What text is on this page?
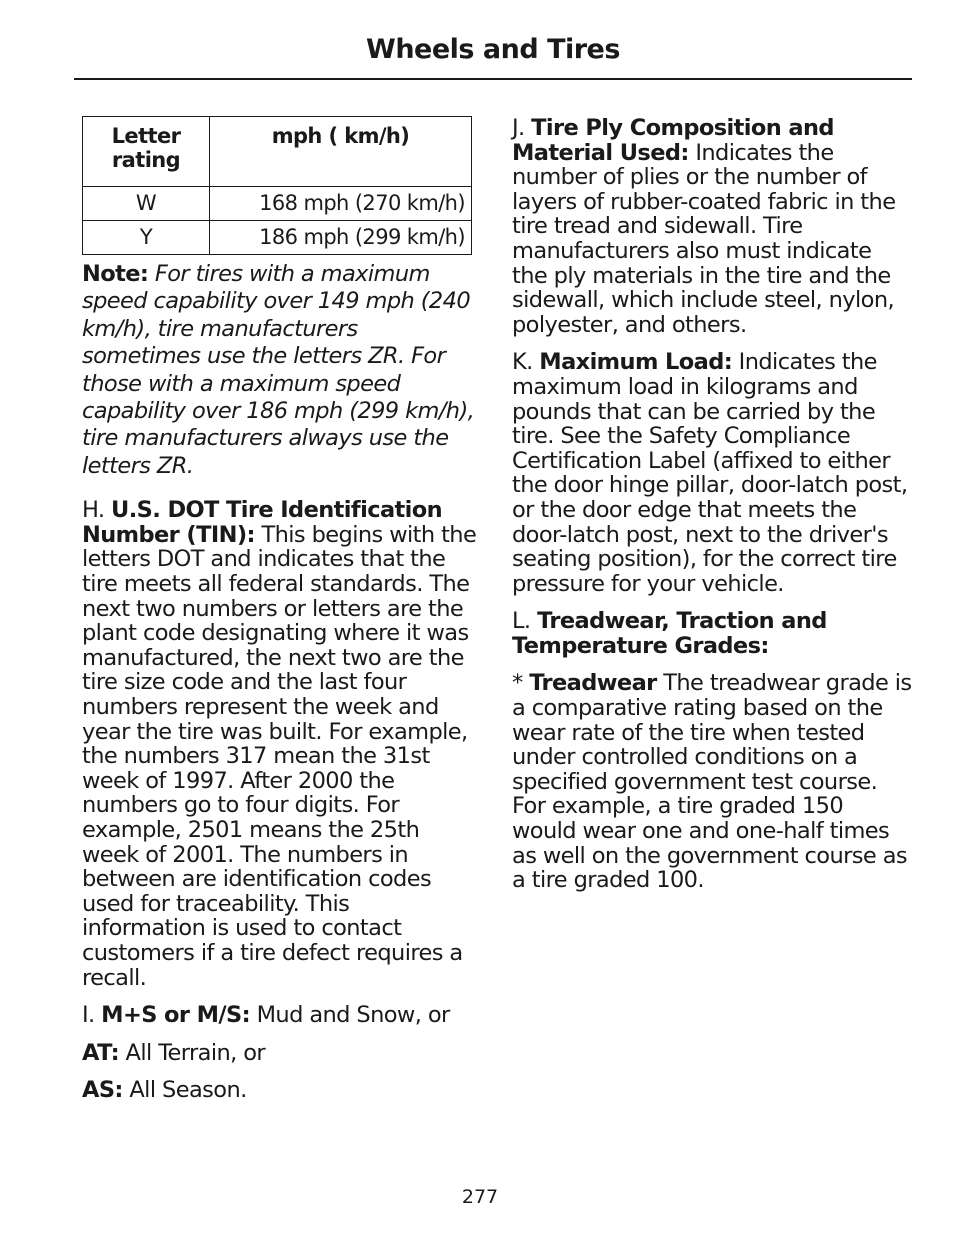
Wheels and Tires
Letter rating	mph ( km/h)
W	168 mph (270 km/h)
Y	186 mph (299 km/h)

Note: For tires with a maximum speed capability over 149 mph (240 km/h), tire manufacturers sometimes use the letters ZR. For those with a maximum speed capability over 186 mph (299 km/h), tire manufacturers always use the letters ZR.

H. U.S. DOT Tire Identification Number (TIN): This begins with the letters DOT and indicates that the tire meets all federal standards. The next two numbers or letters are the plant code designating where it was manufactured, the next two are the tire size code and the last four numbers represent the week and year the tire was built. For example, the numbers 317 mean the 31st week of 1997. After 2000 the numbers go to four digits. For example, 2501 means the 25th week of 2001. The numbers in between are identification codes used for traceability. This information is used to contact customers if a tire defect requires a recall.

I. M+S or M/S: Mud and Snow, or

AT: All Terrain, or

AS: All Season.

J. Tire Ply Composition and Material Used: Indicates the number of plies or the number of layers of rubber-coated fabric in the tire tread and sidewall. Tire manufacturers also must indicate the ply materials in the tire and the sidewall, which include steel, nylon, polyester, and others.

K. Maximum Load: Indicates the maximum load in kilograms and pounds that can be carried by the tire. See the Safety Compliance Certification Label (affixed to either the door hinge pillar, door-latch post, or the door edge that meets the door-latch post, next to the driver's seating position), for the correct tire pressure for your vehicle.

L. Treadwear, Traction and Temperature Grades:

* Treadwear The treadwear grade is a comparative rating based on the wear rate of the tire when tested under controlled conditions on a specified government test course. For example, a tire graded 150 would wear one and one-half times as well on the government course as a tire graded 100.

277
